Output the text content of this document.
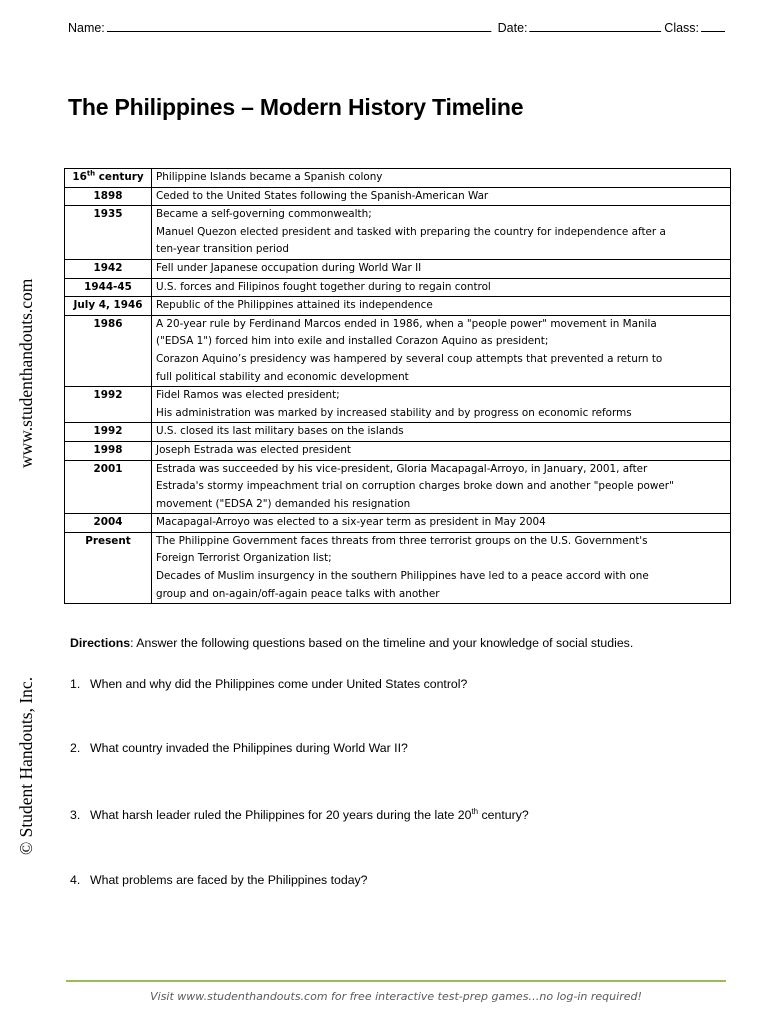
Name:	Date:	Class:
The Philippines – Modern History Timeline
www.studenthandouts.com
© Student Handouts, Inc.
16th century	Philippine Islands became a Spanish colony

1898	Ceded to the United States following the Spanish-American War

1935	Became a self-governing commonwealth;
Manuel Quezon elected president and tasked with preparing the country for independence after a
ten-year transition period

1942	Fell under Japanese occupation during World War II

1944-45	U.S. forces and Filipinos fought together during to regain control

July 4, 1946	Republic of the Philippines attained its independence

1986	A 20-year rule by Ferdinand Marcos ended in 1986, when a "people power" movement in Manila
("EDSA 1") forced him into exile and installed Corazon Aquino as president;
Corazon Aquino’s presidency was hampered by several coup attempts that prevented a return to
full political stability and economic development

1992	Fidel Ramos was elected president;
His administration was marked by increased stability and by progress on economic reforms

1992	U.S. closed its last military bases on the islands

1998	Joseph Estrada was elected president

2001	Estrada was succeeded by his vice-president, Gloria Macapagal-Arroyo, in January, 2001, after
Estrada's stormy impeachment trial on corruption charges broke down and another "people power"
movement ("EDSA 2") demanded his resignation

2004	Macapagal-Arroyo was elected to a six-year term as president in May 2004

Present	The Philippine Government faces threats from three terrorist groups on the U.S. Government's
Foreign Terrorist Organization list;
Decades of Muslim insurgency in the southern Philippines have led to a peace accord with one
group and on-again/off-again peace talks with another
Directions: Answer the following questions based on the timeline and your knowledge of social studies.
1. When and why did the Philippines come under United States control?
2. What country invaded the Philippines during World War II?
3. What harsh leader ruled the Philippines for 20 years during the late 20th century?
4. What problems are faced by the Philippines today?
Visit www.studenthandouts.com for free interactive test-prep games…no log-in required!
